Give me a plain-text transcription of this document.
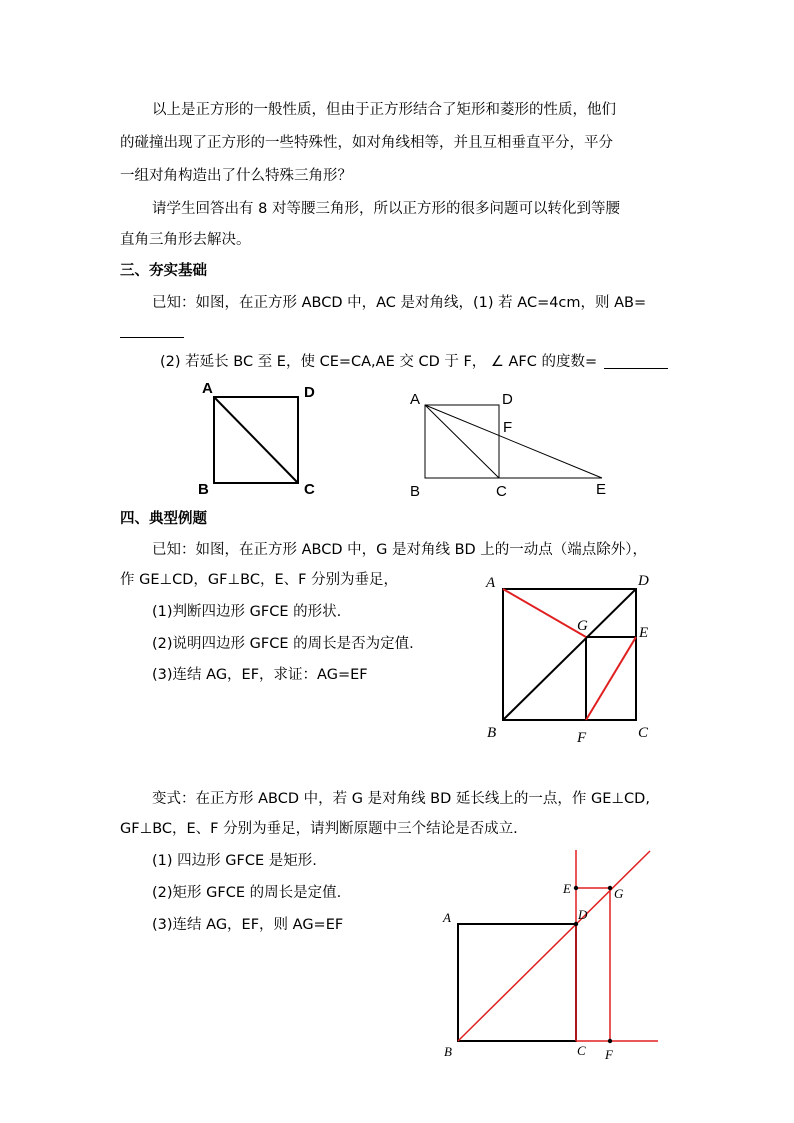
以上是正方形的一般性质，但由于正方形结合了矩形和菱形的性质，他们
的碰撞出现了正方形的一些特殊性，如对角线相等，并且互相垂直平分，平分
一组对角构造出了什么特殊三角形？
请学生回答出有 8 对等腰三角形，所以正方形的很多问题可以转化到等腰
直角三角形去解决。
三、夯实基础
已知：如图，在正方形 ABCD 中，AC 是对角线，(1) 若 AC=4cm，则 AB=
(2) 若延长 BC 至 E，使 CE=CA,AE 交 CD 于 F， ∠ AFC 的度数=
四、典型例题
已知：如图，在正方形 ABCD 中，G 是对角线 BD 上的一动点（端点除外），
作 GE⊥CD，GF⊥BC，E、F 分别为垂足，
(1)判断四边形 GFCE 的形状.
(2)说明四边形 GFCE 的周长是否为定值.
(3)连结 AG，EF，求证：AG=EF
变式：在正方形 ABCD 中，若 G 是对角线 BD 延长线上的一点，作 GE⊥CD,
GF⊥BC，E、F 分别为垂足，请判断原题中三个结论是否成立.
(1) 四边形 GFCE 是矩形.
(2)矩形 GFCE 的周长是定值.
(3)连结 AG，EF，则 AG=EF
A	D
B	C
A	D
F
B	C	E
A	D
G	E
B	F	C
A
E	G
D
B	C F
